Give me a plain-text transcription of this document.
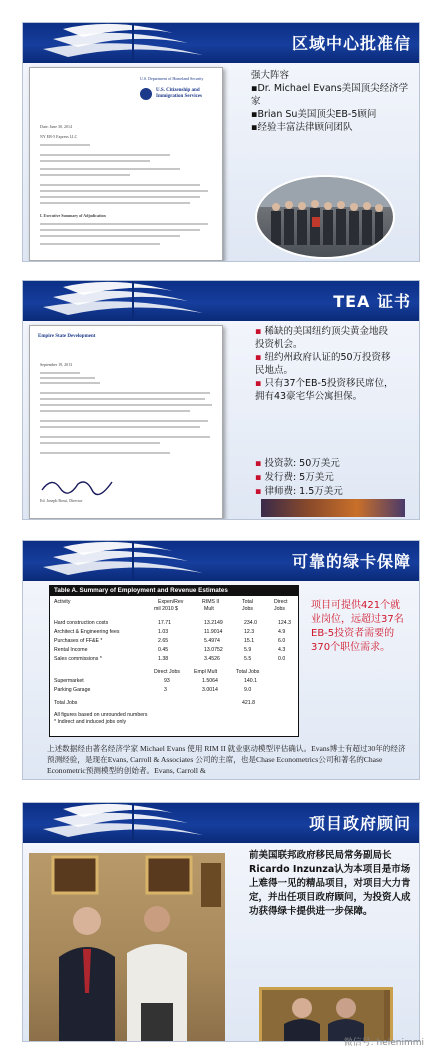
区域中心批准信
U.S. Department of Homeland Security
U.S. Citizenship and Immigration Services
Date: June 30, 2014
NY EB-5 Express LLC
I. Executive Summary of Adjudication
强大阵容
▪Dr. Michael Evans美国顶尖经济学家
▪Brian Su美国顶尖EB-5顾问
▪经验丰富法律顾问团队
TEA 证书
Empire State Development
September 19, 2013
Ed. Joseph Rossi, Director
▪ 稀缺的美国纽约顶尖黄金地段投资机会。
▪ 纽约州政府认证的50万投资移民地点。
▪ 只有37个EB-5投资移民席位，拥有43豪宅华公寓担保。
▪ 投资款: 50万美元
▪ 发行费: 5万美元
▪ 律师费: 1.5万美元
可靠的绿卡保障
Table A. Summary of Employment and Revenue Estimates
Activity	Expen/Rev	RIMS II	Total	Direct
mil 2010 $	Mult	Jobs	Jobs
Hard construction costs	17.71	13.2149	234.0	124.3
Architect & Engineering fees	1.03	11.9014	12.3	4.9
Purchases of FF&E *	2.65	5.4974	15.1	6.0
Rental Income	0.45	13.0752	5.9	4.3
Sales commissions *	1.38	3.4526	5.5	0.0
Direct Jobs	Empl Mult	Total Jobs
Supermarket	93	1.5064	140.1
Parking Garage	3	3.0014	9.0
Total Jobs	421.8
All figures based on unrounded numbers
* Indirect and induced jobs only
项目可提供421个就业岗位，远超过37名EB-5投资者需要的370个职位需求。
上述数据经由著名经济学家 Michael Evans 使用 RIM II 就业驱动模型评估确认。Evans博士有超过30年的经济预测经验，是现在Evans, Carroll & Associates 公司的主席，也是Chase Econometrics公司和著名的Chase Econometric预测模型的创始者。Evans, Carroll &
项目政府顾问
前美国联邦政府移民局常务副局长Ricardo Inzunza认为本项目是市场上难得一见的精品项目，对项目大力肯定，并出任项目政府顾问，为投资人成功获得绿卡提供进一步保障。
微信号: helenimmi
